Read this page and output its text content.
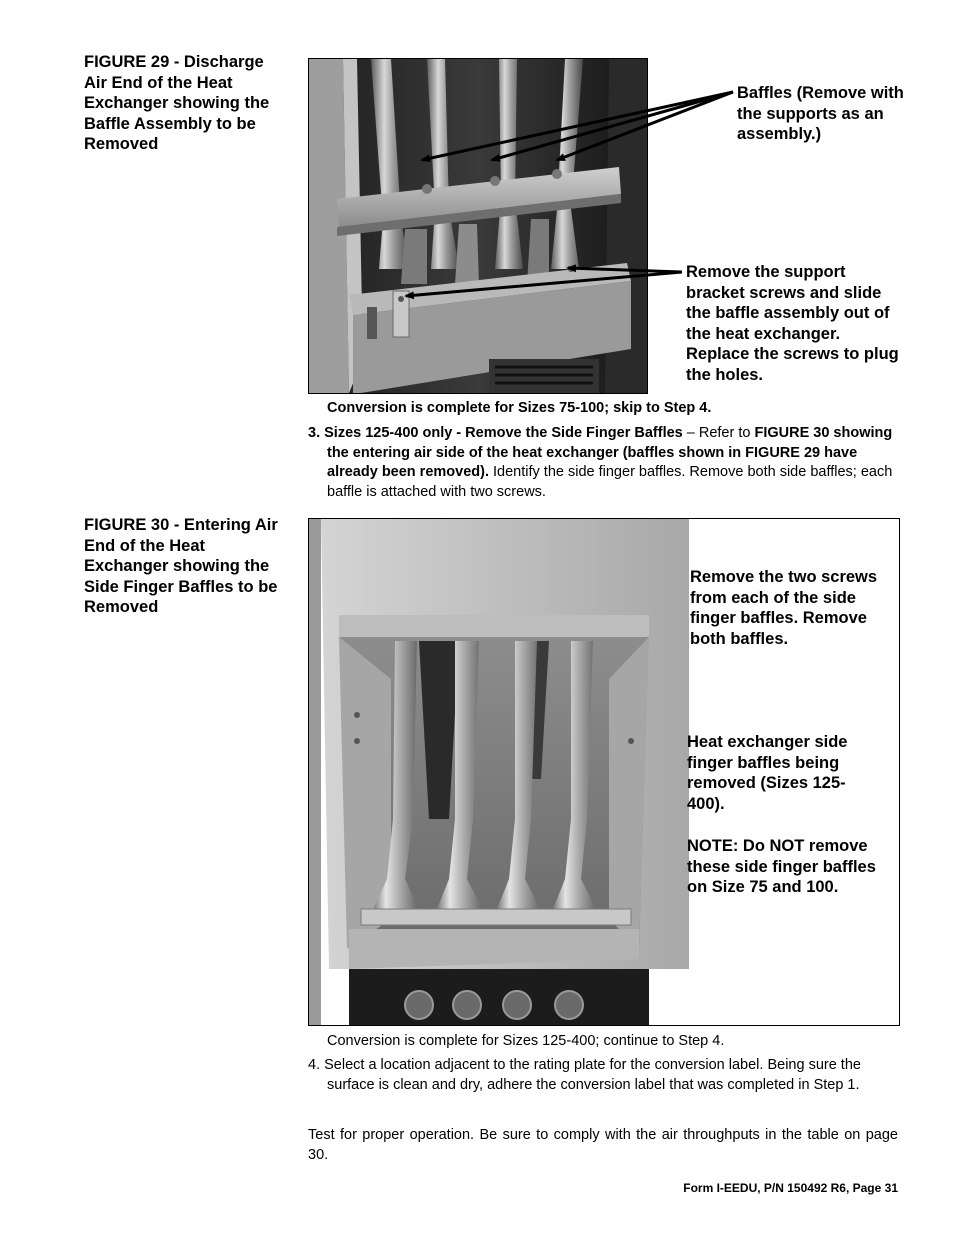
FIGURE 29 - Discharge Air End of the Heat Exchanger showing the Baffle Assembly to be Removed
Baffles (Remove with the supports as an assembly.)
Remove the support bracket screws and slide the baffle assembly out of the heat exchanger. Replace the screws to plug the holes.
Conversion is complete for Sizes 75-100; skip to Step 4.
3. Sizes 125-400 only - Remove the Side Finger Baffles – Refer to FIGURE 30 showing the entering air side of the heat exchanger (baffles shown in FIGURE 29 have already been removed). Identify the side finger baffles. Remove both side baffles; each baffle is attached with two screws.
FIGURE 30 - Entering Air End of the Heat Exchanger showing the Side Finger Baffles to be Removed
Remove the two screws from each of the side finger baffles. Remove both baffles.
Heat exchanger side finger baffles being removed (Sizes 125-400).
NOTE: Do NOT remove these side finger baffles on Size 75 and 100.
Conversion is complete for Sizes 125-400; continue to Step 4.
4. Select a location adjacent to the rating plate for the conversion label. Being sure the surface is clean and dry, adhere the conversion label that was completed in Step 1.
Test for proper operation. Be sure to comply with the air throughputs in the table on page 30.
Form I-EEDU, P/N 150492 R6, Page 31
